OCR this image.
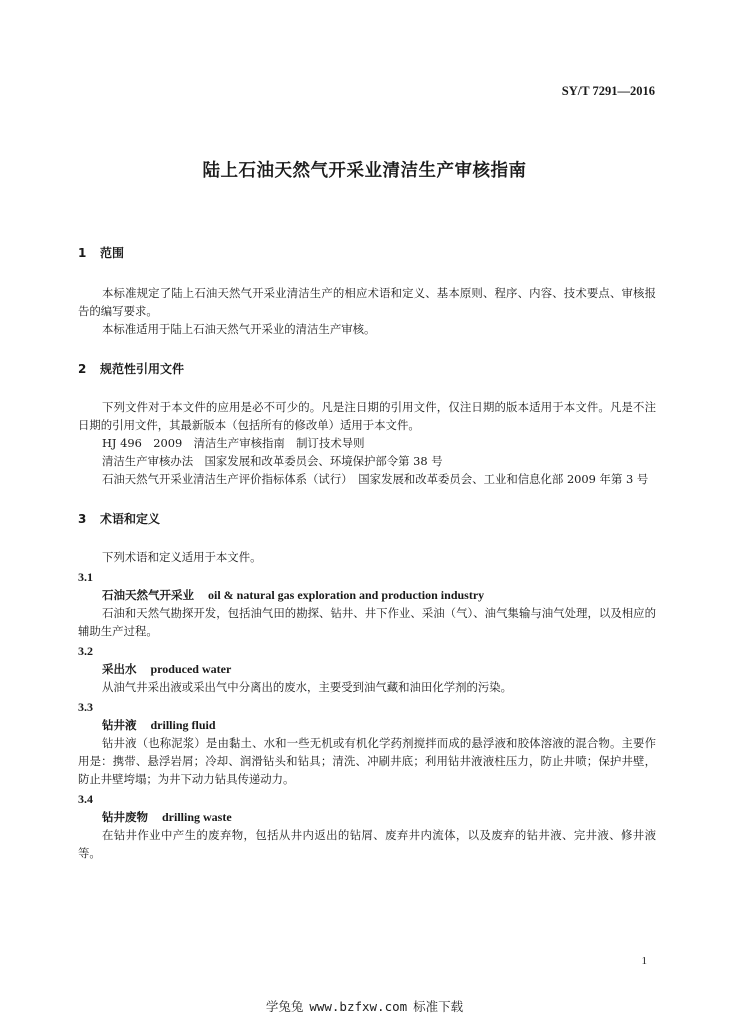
SY/T 7291—2016
陆上石油天然气开采业清洁生产审核指南
1 范围
本标准规定了陆上石油天然气开采业清洁生产的相应术语和定义、基本原则、程序、内容、技术要点、审核报告的编写要求。
本标准适用于陆上石油天然气开采业的清洁生产审核。
2 规范性引用文件
下列文件对于本文件的应用是必不可少的。凡是注日期的引用文件，仅注日期的版本适用于本文件。凡是不注日期的引用文件，其最新版本（包括所有的修改单）适用于本文件。
HJ 496　2009　清洁生产审核指南　制订技术导则
清洁生产审核办法　国家发展和改革委员会、环境保护部令第 38 号
石油天然气开采业清洁生产评价指标体系（试行）　国家发展和改革委员会、工业和信息化部 2009 年第 3 号
3 术语和定义
下列术语和定义适用于本文件。
3.1
石油天然气开采业 oil & natural gas exploration and production industry
石油和天然气勘探开发，包括油气田的勘探、钻井、井下作业、采油（气）、油气集输与油气处理，以及相应的辅助生产过程。
3.2
采出水 produced water
从油气井采出液或采出气中分离出的废水，主要受到油气藏和油田化学剂的污染。
3.3
钻井液 drilling fluid
钻井液（也称泥浆）是由黏土、水和一些无机或有机化学药剂搅拌而成的悬浮液和胶体溶液的混合物。主要作用是：携带、悬浮岩屑；冷却、润滑钻头和钻具；清洗、冲刷井底；利用钻井液液柱压力，防止井喷；保护井壁，防止井壁垮塌；为井下动力钻具传递动力。
3.4
钻井废物 drilling waste
在钻井作业中产生的废弃物，包括从井内返出的钻屑、废弃井内流体，以及废弃的钻井液、完井液、修井液等。
1
学兔兔 www.bzfxw.com 标准下载
